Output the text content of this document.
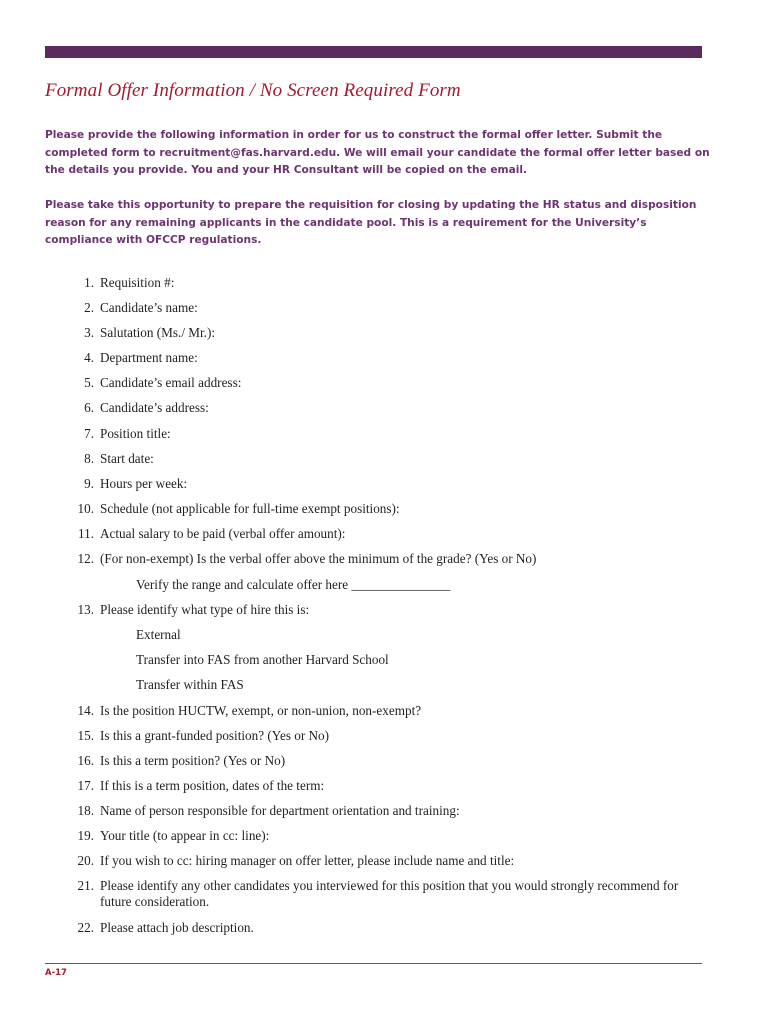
Formal Offer Information / No Screen Required Form

Please provide the following information in order for us to construct the formal offer letter. Submit the completed form to recruitment@fas.harvard.edu. We will email your candidate the formal offer letter based on the details you provide. You and your HR Consultant will be copied on the email.

Please take this opportunity to prepare the requisition for closing by updating the HR status and disposition reason for any remaining applicants in the candidate pool. This is a requirement for the University’s compliance with OFCCP regulations.

1. Requisition #:
2. Candidate’s name:
3. Salutation (Ms./ Mr.):
4. Department name:
5. Candidate’s email address:
6. Candidate’s address:
7. Position title:
8. Start date:
9. Hours per week:
10. Schedule (not applicable for full-time exempt positions):
11. Actual salary to be paid (verbal offer amount):
12. (For non-exempt) Is the verbal offer above the minimum of the grade? (Yes or No)
13. Please identify what type of hire this is:
14. Is the position HUCTW, exempt, or non-union, non-exempt?
15. Is this a grant-funded position? (Yes or No)
16. Is this a term position? (Yes or No)
17. If this is a term position, dates of the term:
18. Name of person responsible for department orientation and training:
19. Your title (to appear in cc: line):
20. If you wish to cc: hiring manager on offer letter, please include name and title:
21. Please identify any other candidates you interviewed for this position that you would strongly recommend for future consideration.
22. Please attach job description.
Verify the range and calculate offer here _______________
External
Transfer into FAS from another Harvard School
Transfer within FAS
A-17
